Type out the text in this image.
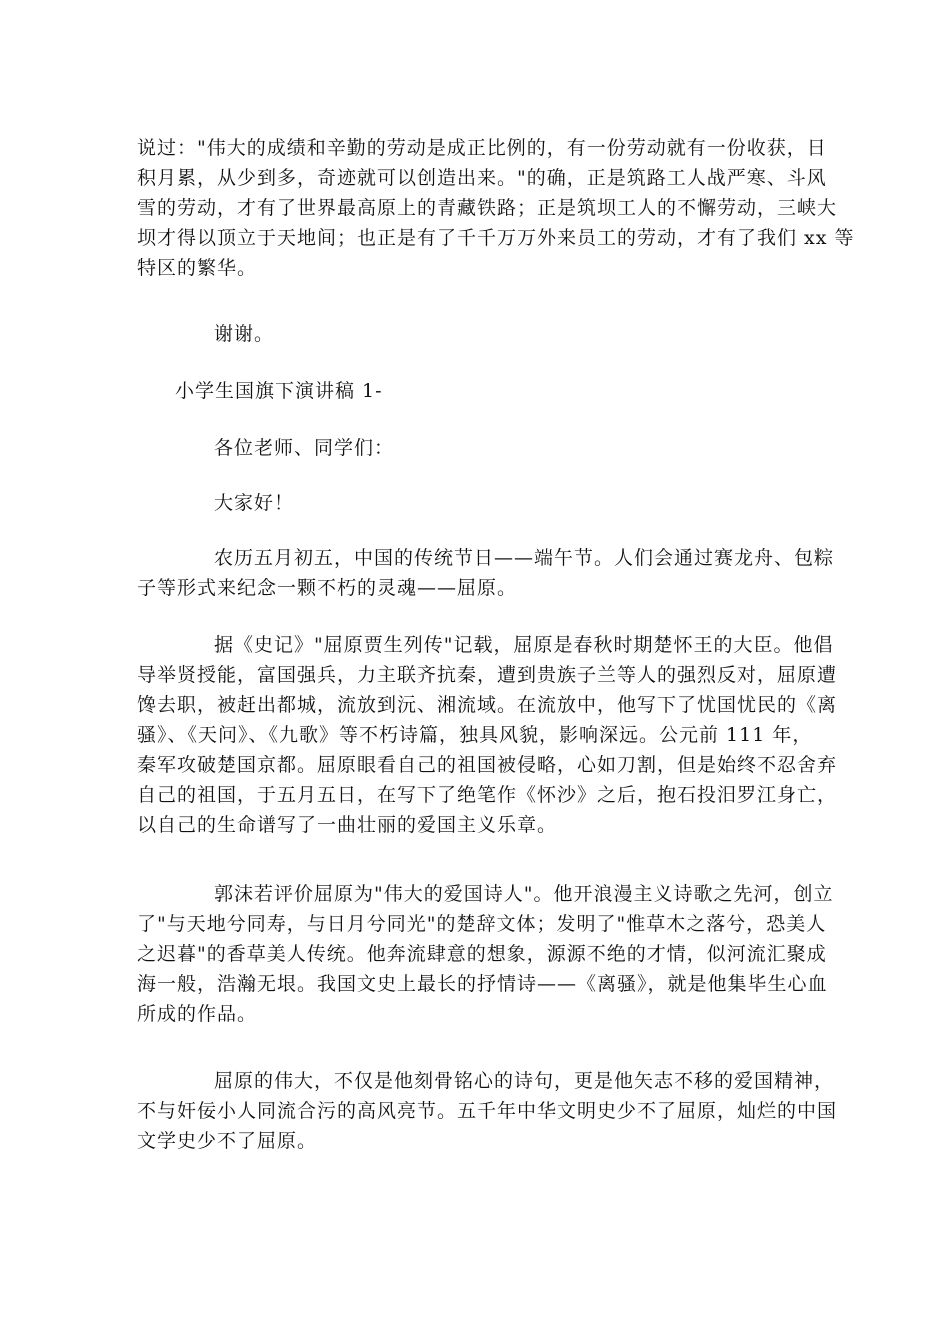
说过："伟大的成绩和辛勤的劳动是成正比例的，有一份劳动就有一份收获，日
积月累，从少到多，奇迹就可以创造出来。"的确，正是筑路工人战严寒、斗风
雪的劳动，才有了世界最高原上的青藏铁路；正是筑坝工人的不懈劳动，三峡大
坝才得以顶立于天地间；也正是有了千千万万外来员工的劳动，才有了我们 xx 等
特区的繁华。
谢谢。
小学生国旗下演讲稿 1-
各位老师、同学们：
大家好！
农历五月初五，中国的传统节日——端午节。人们会通过赛龙舟、包粽
子等形式来纪念一颗不朽的灵魂——屈原。
据《史记》"屈原贾生列传"记载，屈原是春秋时期楚怀王的大臣。他倡
导举贤授能，富国强兵，力主联齐抗秦，遭到贵族子兰等人的强烈反对，屈原遭
馋去职，被赶出都城，流放到沅、湘流域。在流放中，他写下了忧国忧民的《离
骚》、《天问》、《九歌》等不朽诗篇，独具风貌，影响深远。公元前 111 年，
秦军攻破楚国京都。屈原眼看自己的祖国被侵略，心如刀割，但是始终不忍舍弃
自己的祖国，于五月五日，在写下了绝笔作《怀沙》之后，抱石投汨罗江身亡，
以自己的生命谱写了一曲壮丽的爱国主义乐章。
郭沫若评价屈原为"伟大的爱国诗人"。他开浪漫主义诗歌之先河，创立
了"与天地兮同寿，与日月兮同光"的楚辞文体；发明了"惟草木之落兮，恐美人
之迟暮"的香草美人传统。他奔流肆意的想象，源源不绝的才情，似河流汇聚成
海一般，浩瀚无垠。我国文史上最长的抒情诗——《离骚》，就是他集毕生心血
所成的作品。
屈原的伟大，不仅是他刻骨铭心的诗句，更是他矢志不移的爱国精神，
不与奸佞小人同流合污的高风亮节。五千年中华文明史少不了屈原，灿烂的中国
文学史少不了屈原。
